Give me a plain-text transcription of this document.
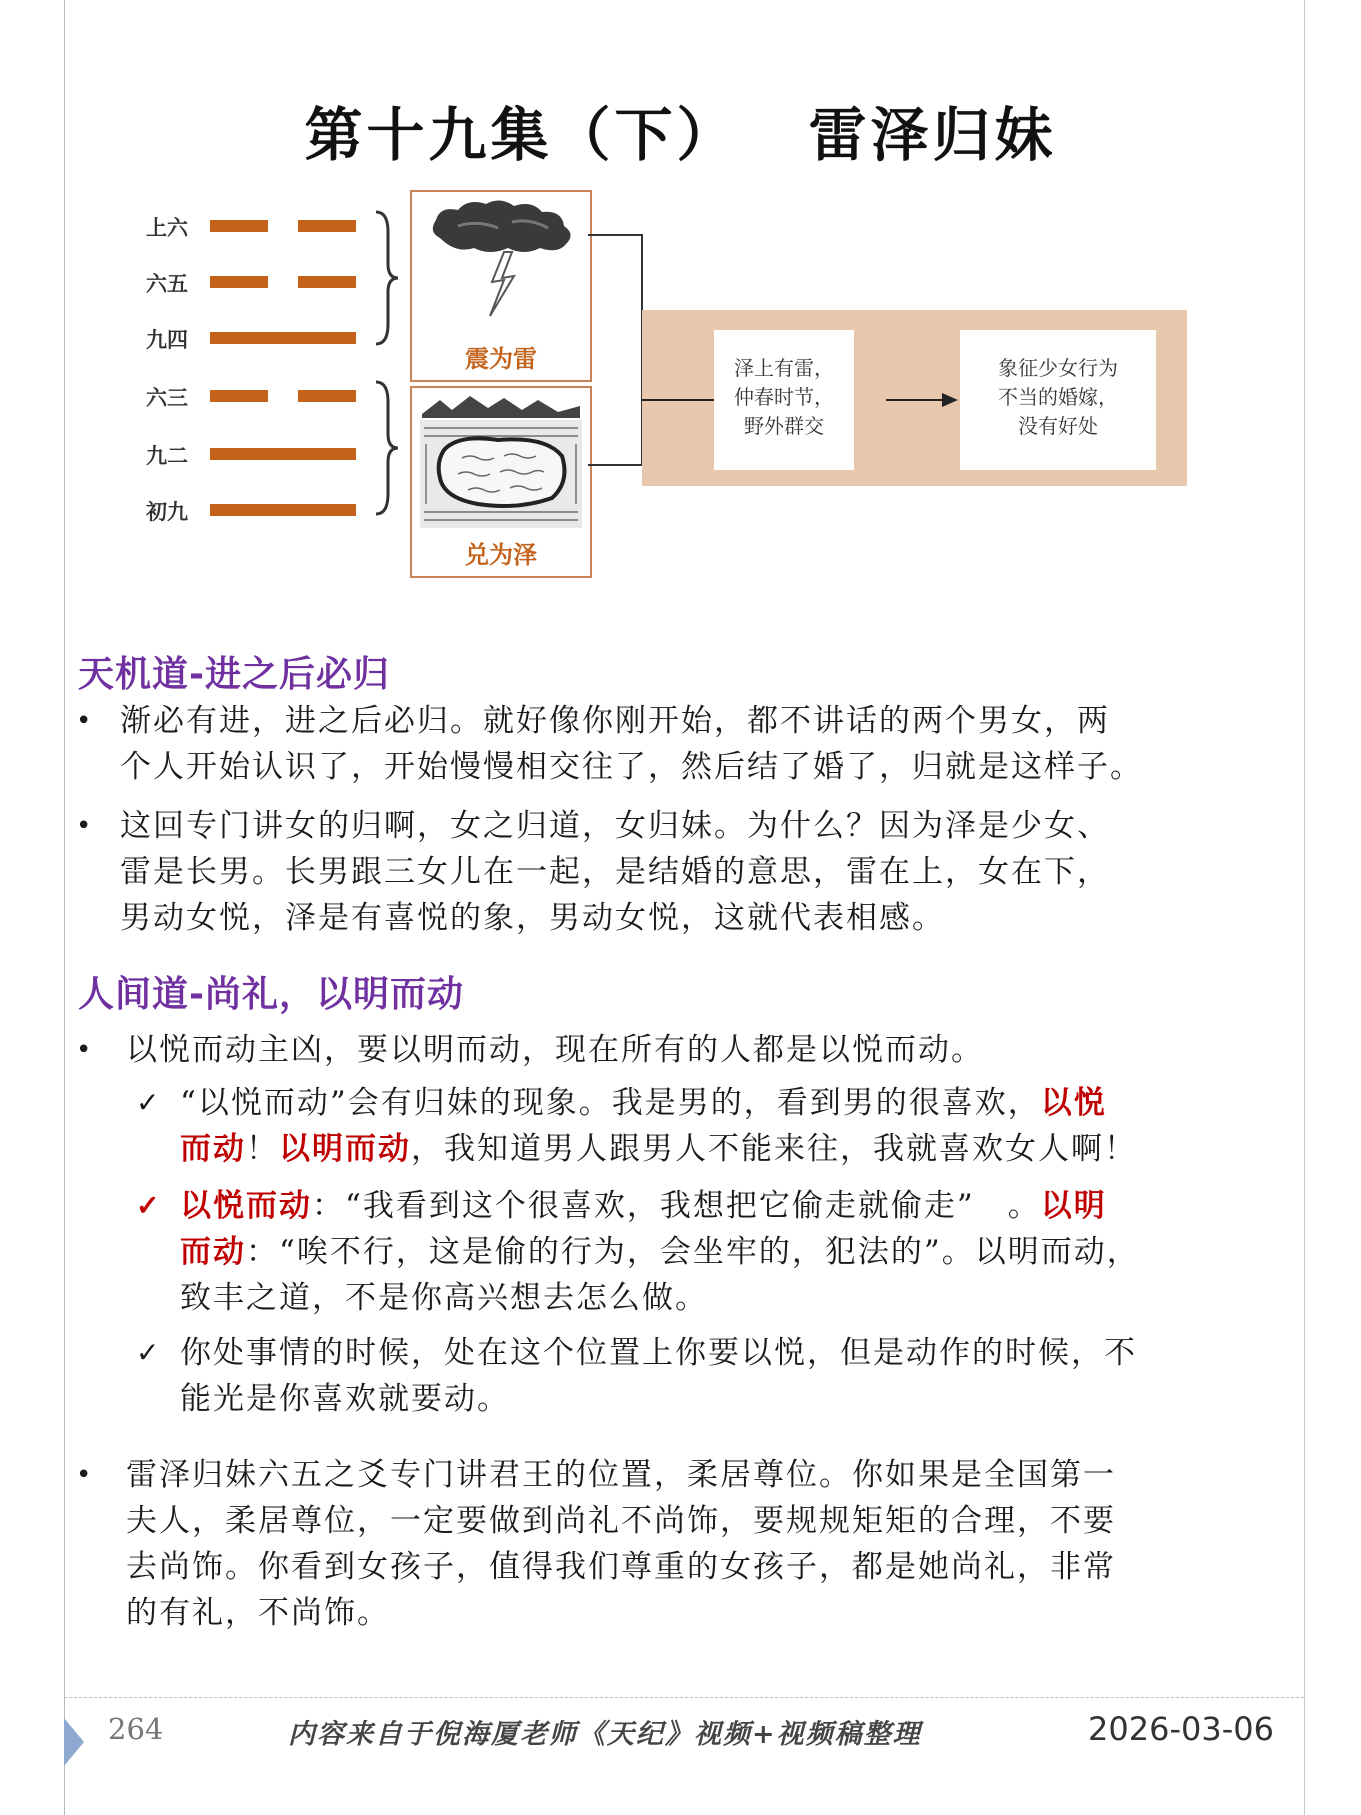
第十九集（下） 雷泽归妹
上六
六五
九四
六三
九二
初九
震为雷
兑为泽
泽上有雷，
仲春时节，
野外群交
象征少女行为
不当的婚嫁，
没有好处
天机道-进之后必归
• 渐必有进，进之后必归。就好像你刚开始，都不讲话的两个男女，两
个人开始认识了，开始慢慢相交往了，然后结了婚了，归就是这样子。
• 这回专门讲女的归啊，女之归道，女归妹。为什么？因为泽是少女、
雷是长男。长男跟三女儿在一起，是结婚的意思，雷在上，女在下，
男动女悦，泽是有喜悦的象，男动女悦，这就代表相感。
人间道-尚礼，以明而动
• 以悦而动主凶，要以明而动，现在所有的人都是以悦而动。
✓ “以悦而动”会有归妹的现象。我是男的，看到男的很喜欢，以悦
而动！以明而动，我知道男人跟男人不能来往，我就喜欢女人啊！
✓ 以悦而动：“我看到这个很喜欢，我想把它偷走就偷走”　。以明
而动：“唉不行，这是偷的行为，会坐牢的，犯法的”。以明而动，
致丰之道，不是你高兴想去怎么做。
✓ 你处事情的时候，处在这个位置上你要以悦，但是动作的时候，不
能光是你喜欢就要动。
• 雷泽归妹六五之爻专门讲君王的位置，柔居尊位。你如果是全国第一
夫人，柔居尊位，一定要做到尚礼不尚饰，要规规矩矩的合理，不要
去尚饰。你看到女孩子，值得我们尊重的女孩子，都是她尚礼，非常
的有礼，不尚饰。
264	内容来自于倪海厦老师《天纪》视频+视频稿整理	2026-03-06
